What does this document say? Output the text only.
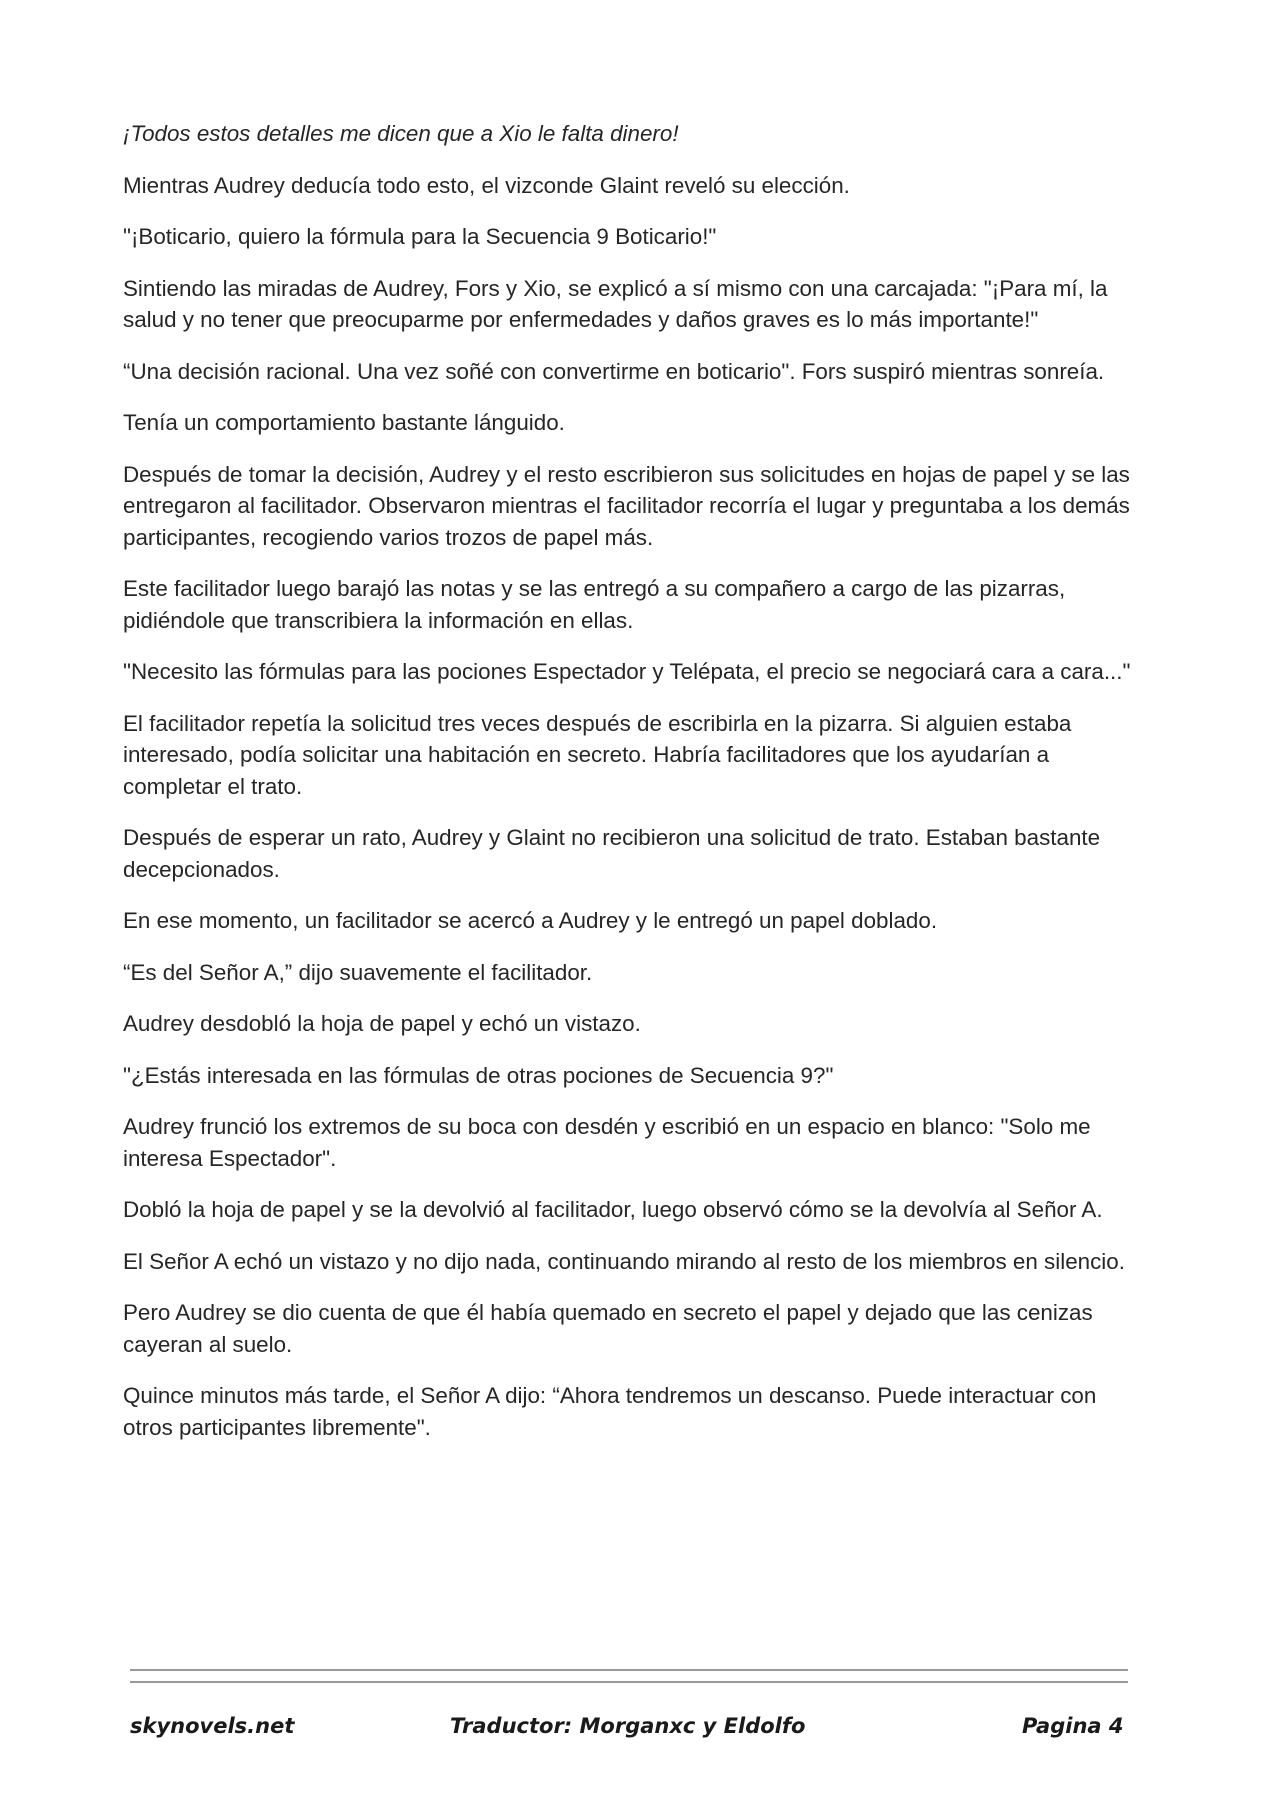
¡Todos estos detalles me dicen que a Xio le falta dinero!

Mientras Audrey deducía todo esto, el vizconde Glaint reveló su elección.

"¡Boticario, quiero la fórmula para la Secuencia 9 Boticario!"

Sintiendo las miradas de Audrey, Fors y Xio, se explicó a sí mismo con una carcajada: "¡Para mí, la salud y no tener que preocuparme por enfermedades y daños graves es lo más importante!"

“Una decisión racional. Una vez soñé con convertirme en boticario". Fors suspiró mientras sonreía.

Tenía un comportamiento bastante lánguido.

Después de tomar la decisión, Audrey y el resto escribieron sus solicitudes en hojas de papel y se las entregaron al facilitador. Observaron mientras el facilitador recorría el lugar y preguntaba a los demás participantes, recogiendo varios trozos de papel más.

Este facilitador luego barajó las notas y se las entregó a su compañero a cargo de las pizarras, pidiéndole que transcribiera la información en ellas.

"Necesito las fórmulas para las pociones Espectador y Telépata, el precio se negociará cara a cara..."

El facilitador repetía la solicitud tres veces después de escribirla en la pizarra. Si alguien estaba interesado, podía solicitar una habitación en secreto. Habría facilitadores que los ayudarían a completar el trato.

Después de esperar un rato, Audrey y Glaint no recibieron una solicitud de trato. Estaban bastante decepcionados.

En ese momento, un facilitador se acercó a Audrey y le entregó un papel doblado.

“Es del Señor A,” dijo suavemente el facilitador.

Audrey desdobló la hoja de papel y echó un vistazo.

"¿Estás interesada en las fórmulas de otras pociones de Secuencia 9?"

Audrey frunció los extremos de su boca con desdén y escribió en un espacio en blanco: "Solo me interesa Espectador".

Dobló la hoja de papel y se la devolvió al facilitador, luego observó cómo se la devolvía al Señor A.

El Señor A echó un vistazo y no dijo nada, continuando mirando al resto de los miembros en silencio.

Pero Audrey se dio cuenta de que él había quemado en secreto el papel y dejado que las cenizas cayeran al suelo.

Quince minutos más tarde, el Señor A dijo: “Ahora tendremos un descanso. Puede interactuar con otros participantes libremente".

skynovels.net	Traductor: Morganxc y Eldolfo	Pagina 4
